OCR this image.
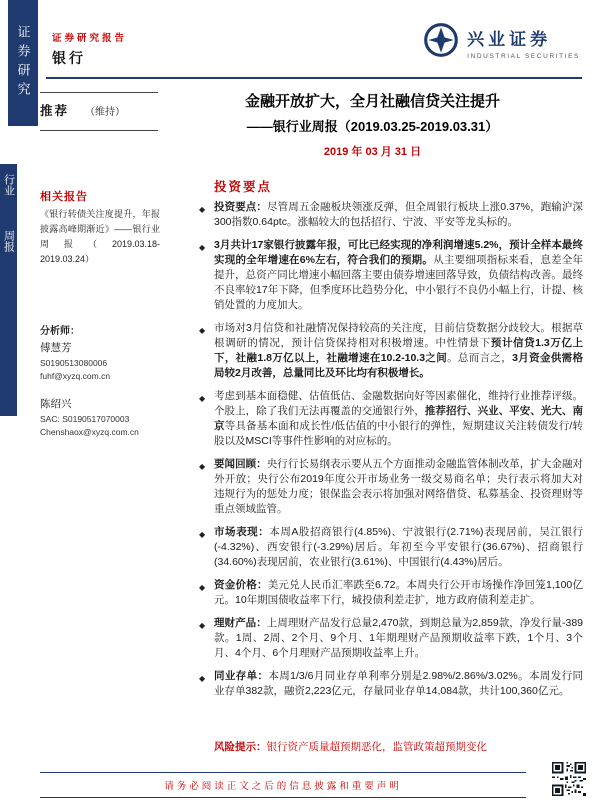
证券研究
行业
周报
证券研究报告
银行
兴业证券
INDUSTRIAL SECURITIES
金融开放扩大，全月社融信贷关注提升
——银行业周报（2019.03.25-2019.03.31）
2019 年 03 月 31 日
推荐 （维持）
相关报告
《银行转债关注度提升，年报披露高峰期渐近》——银行业周报（2019.03.18-2019.03.24）
分析师：
傅慧芳
S0190513080006
fuhf@xyzq.com.cn
陈绍兴
SAC: S0190517070003
Chenshaox@xyzq.com.cn
投资要点
◆ 投资要点：尽管周五金融板块领涨反弹，但全周银行板块上涨0.37%，跑输沪深300指数0.64ptc。涨幅较大的包括招行、宁波、平安等龙头标的。
◆ 3月共计17家银行披露年报，可比已经实现的净利润增速5.2%，预计全样本最终实现的全年增速在6%左右，符合我们的预期。从主要细项指标来看，息差全年提升，总资产同比增速小幅回落主要由债券增速回落导致，负债结构改善。最终不良率较17年下降，但季度环比趋势分化，中小银行不良仍小幅上行，计提、核销处置的力度加大。
◆ 市场对3月信贷和社融情况保持较高的关注度，目前信贷数据分歧较大。根据草根调研的情况，预计信贷保持相对积极增速。中性情景下预计信贷1.3万亿上下，社融1.8万亿以上，社融增速在10.2-10.3之间。总而言之，3月资金供需格局较2月改善，总量同比及环比均有积极增长。
◆ 考虑到基本面稳健、估值低估、金融数据向好等因素催化，维持行业推荐评级。个股上，除了我们无法再覆盖的交通银行外，推荐招行、兴业、平安、光大、南京等具备基本面和成长性/低估值的中小银行的弹性，短期建议关注转债发行/转股以及MSCI等事件性影响的对应标的。
◆ 要闻回顾：央行行长易纲表示要从五个方面推动金融监管体制改革，扩大金融对外开放；央行公布2019年度公开市场业务一级交易商名单；央行表示将加大对违规行为的惩处力度；银保监会表示将加强对网络借贷、私募基金、投资理财等重点领域监管。
◆ 市场表现：本周A股招商银行(4.85%)、宁波银行(2.71%)表现居前，吴江银行(-4.32%)、西安银行(-3.29%)居后。年初至今平安银行(36.67%)、招商银行(34.60%)表现居前，农业银行(3.61%)、中国银行(4.43%)居后。
◆ 资金价格：美元兑人民币汇率跌至6.72。本周央行公开市场操作净回笼1,100亿元。10年期国债收益率下行，城投债利差走扩，地方政府债利差走扩。
◆ 理财产品：上周理财产品发行总量2,470款，到期总量为2,859款，净发行量-389款。1周、2周、2个月、9个月、1年期理财产品预期收益率下跌，1个月、3个月、4个月、6个月理财产品预期收益率上升。
◆ 同业存单：本周1/3/6月同业存单利率分别是2.98%/2.86%/3.02%。本周发行同业存单382款，融资2,223亿元，存量同业存单14,084款，共计100,360亿元。
风险提示：银行资产质量超预期恶化，监管政策超预期变化
请务必阅读正文之后的信息披露和重要声明
